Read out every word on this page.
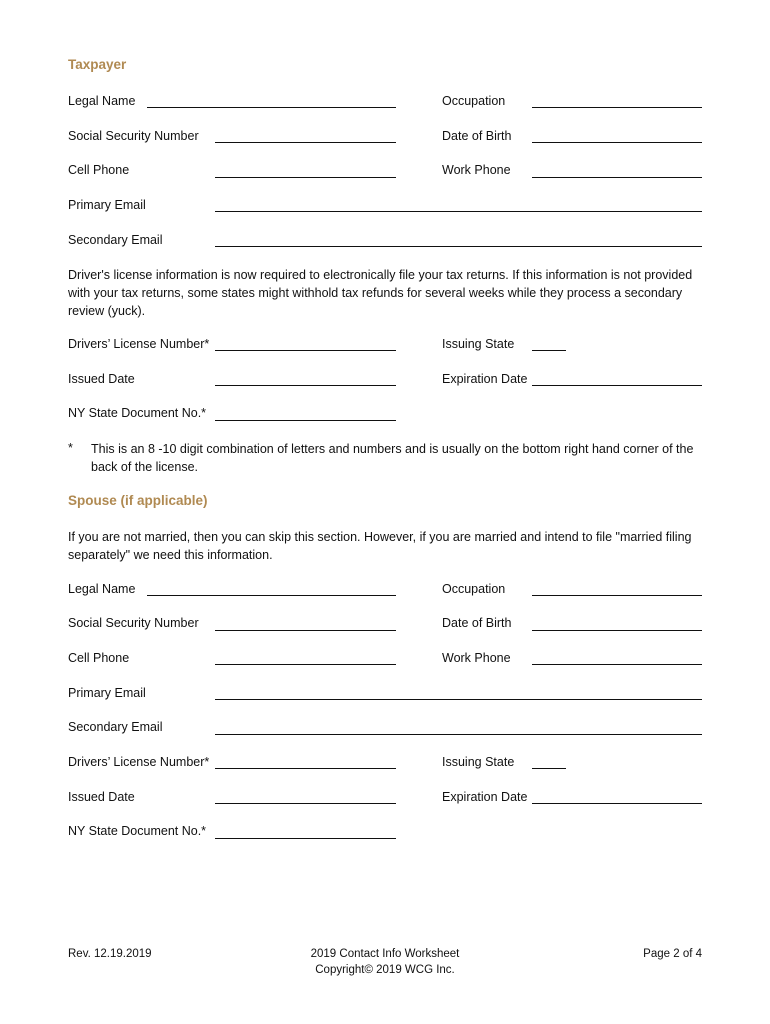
Taxpayer
Legal Name	Occupation
Social Security Number	Date of Birth
Cell Phone	Work Phone
Primary Email
Secondary Email
Driver's license information is now required to electronically file your tax returns. If this information is not provided with your tax returns, some states might withhold tax refunds for several weeks while they process a secondary review (yuck).
Drivers’ License Number*	Issuing State
Issued Date	Expiration Date
NY State Document No.*
* This is an 8 -10 digit combination of letters and numbers and is usually on the bottom right hand corner of the back of the license.
Spouse (if applicable)
If you are not married, then you can skip this section. However, if you are married and intend to file "married filing separately" we need this information.
Legal Name	Occupation
Social Security Number	Date of Birth
Cell Phone	Work Phone
Primary Email
Secondary Email
Drivers’ License Number*	Issuing State
Issued Date	Expiration Date
NY State Document No.*
Rev. 12.19.2019	2019 Contact Info Worksheet
Copyright© 2019 WCG Inc.
Page 2 of 4
